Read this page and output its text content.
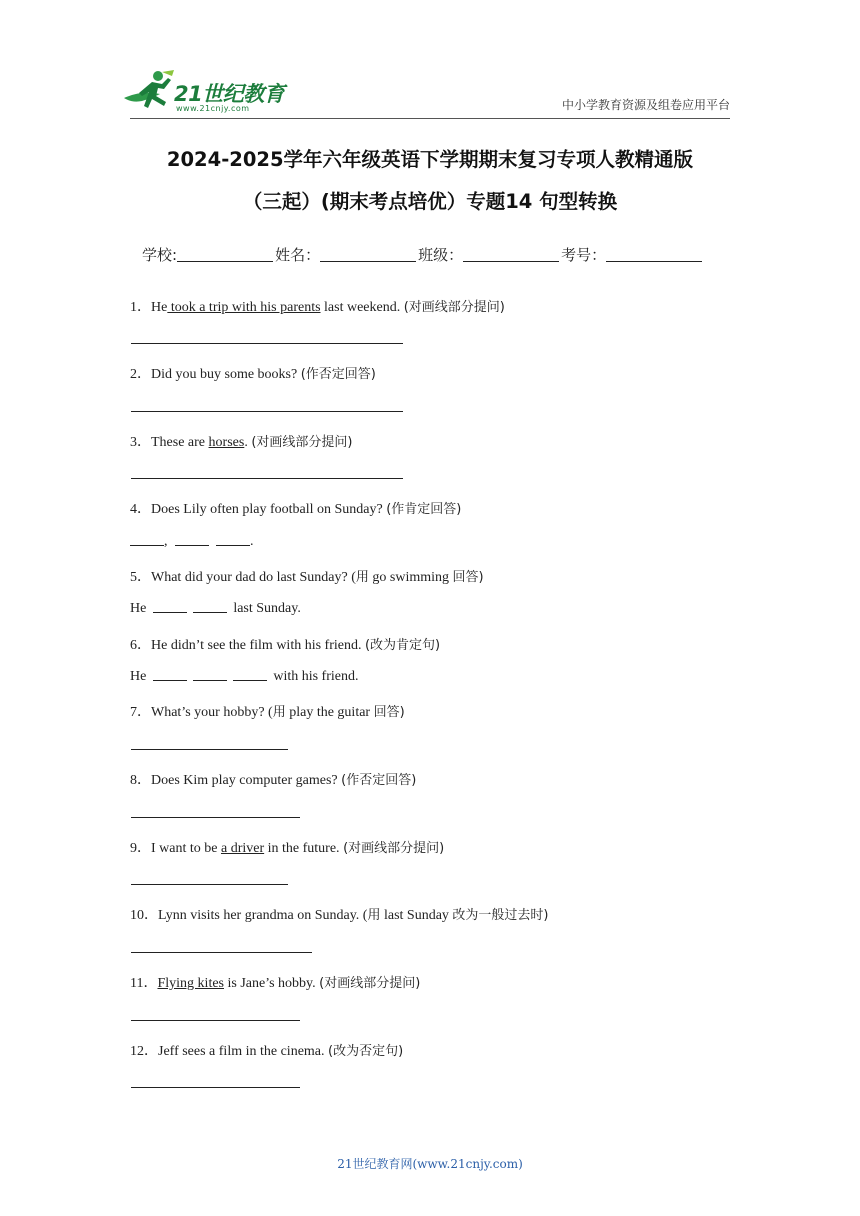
21世纪教育
www.21cnjy.com	中小学教育资源及组卷应用平台
2024-2025学年六年级英语下学期期末复习专项人教精通版
（三起）(期末考点培优）专题14 句型转换
学校:	姓名：	班级：	考号：
1．He took a trip with his parents last weekend. (对画线部分提问)
2．Did you buy some books? (作否定回答)
3．These are horses. (对画线部分提问)
4．Does Lily often play football on Sunday? (作肯定回答)
,	.
5．What did your dad do last Sunday? (用 go swimming 回答)
He	last Sunday.
6．He didn’t see the film with his friend. (改为肯定句)
He	with his friend.
7．What’s your hobby? (用 play the guitar 回答)
8．Does Kim play computer games? (作否定回答)
9．I want to be a driver in the future. (对画线部分提问)
10．Lynn visits her grandma on Sunday. (用 last Sunday 改为一般过去时)
11．Flying kites is Jane’s hobby. (对画线部分提问)
12．Jeff sees a film in the cinema. (改为否定句)
21世纪教育网(www.21cnjy.com)
